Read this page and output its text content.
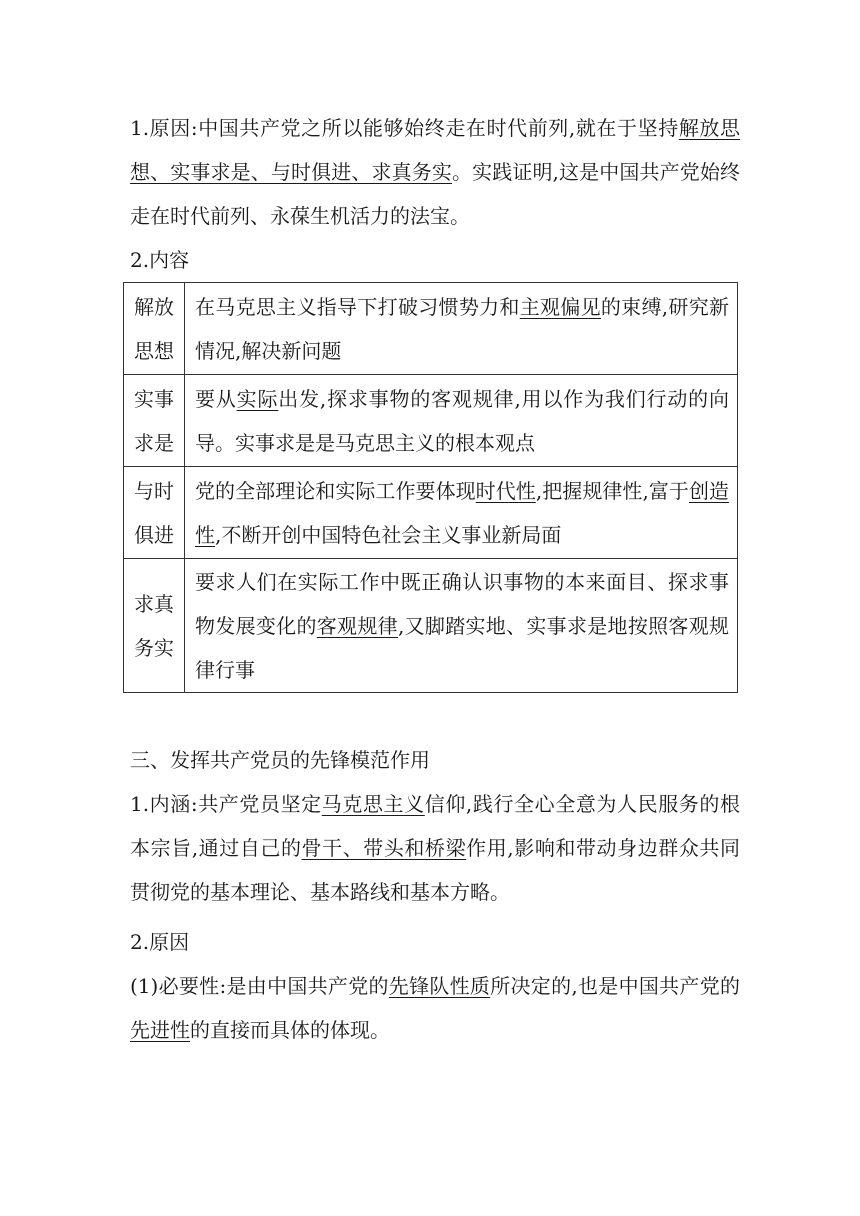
1.原因:中国共产党之所以能够始终走在时代前列,就在于坚持解放思想、实事求是、与时俱进、求真务实。实践证明,这是中国共产党始终走在时代前列、永葆生机活力的法宝。

2.内容

解放
思想	在马克思主义指导下打破习惯势力和主观偏见的束缚,研究新情况,解决新问题
实事
求是	要从实际出发,探求事物的客观规律,用以作为我们行动的向导。实事求是是马克思主义的根本观点
与时
俱进	党的全部理论和实际工作要体现时代性,把握规律性,富于创造性,不断开创中国特色社会主义事业新局面
求真
务实	要求人们在实际工作中既正确认识事物的本来面目、探求事物发展变化的客观规律,又脚踏实地、实事求是地按照客观规律行事

三、发挥共产党员的先锋模范作用

1.内涵:共产党员坚定马克思主义信仰,践行全心全意为人民服务的根本宗旨,通过自己的骨干、带头和桥梁作用,影响和带动身边群众共同贯彻党的基本理论、基本路线和基本方略。

2.原因

(1)必要性:是由中国共产党的先锋队性质所决定的,也是中国共产党的先进性的直接而具体的体现。
